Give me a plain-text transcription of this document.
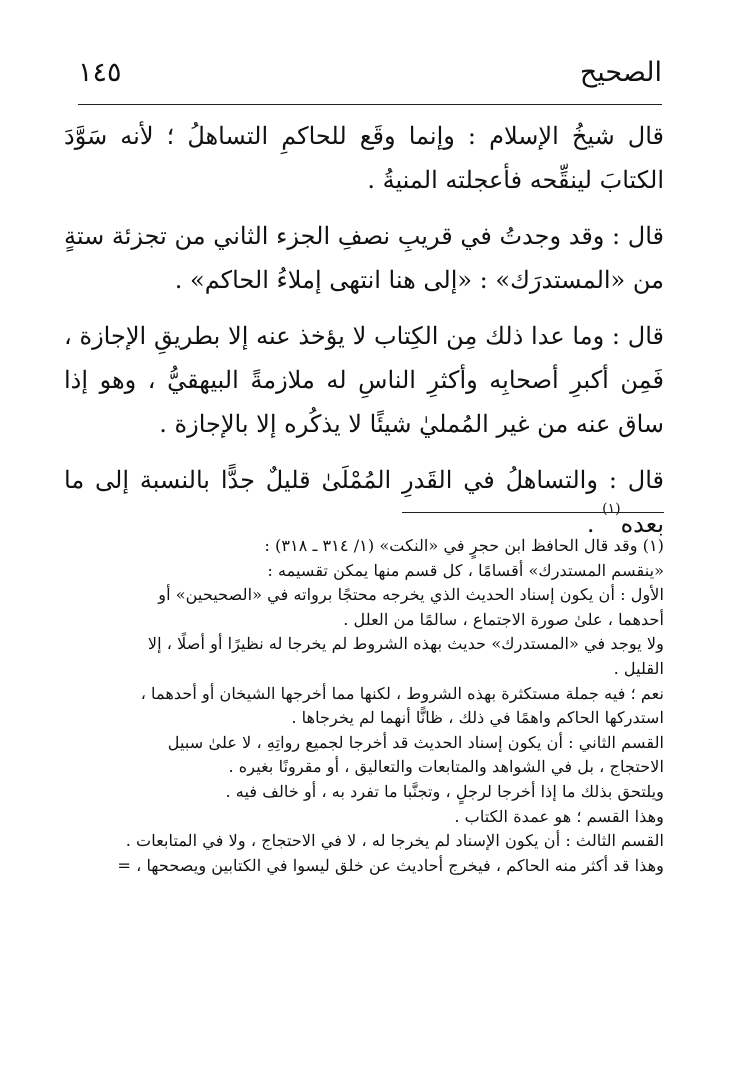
الصحيح
١٤٥

قال شيخُ الإسلام : وإنما وقَع للحاكمِ التساهلُ ؛ لأنه سَوَّدَ الكتابَ لينقِّحه فأعجلته المنيةُ .

قال : وقد وجدتُ في قريبِ نصفِ الجزء الثاني من تجزئة ستةٍ من «المستدرَك» : «إلى هنا انتهى إملاءُ الحاكم» .

قال : وما عدا ذلك مِن الكِتاب لا يؤخذ عنه إلا بطريقِ الإجازة ، فَمِن أكبرِ أصحابِه وأكثرِ الناسِ له ملازمةً البيهقيُّ ، وهو إذا ساق عنه من غير المُمليٰ شيئًا لا يذكُره إلا بالإجازة .

قال : والتساهلُ في القَدرِ المُمْلَىٰ قليلٌ جدًّا بالنسبة إلى ما بعده$^{(١)}$ .

(١) وقد قال الحافظ ابن حجرٍ في «النكت» (١/ ٣١٤ ـ ٣١٨) :

«ينقسم المستدرك» أقسامًا ، كل قسم منها يمكن تقسيمه :

الأول : أن يكون إسناد الحديث الذي يخرجه محتجًا برواته في «الصحيحين» أو

أحدهما ، علىٰ صورة الاجتماع ، سالمًا من العلل .

ولا يوجد في «المستدرك» حديث بهذه الشروط لم يخرجا له نظيرًا أو أصلًا ، إلا

القليل .

نعم ؛ فيه جملة مستكثرة بهذه الشروط ، لكنها مما أخرجها الشيخان أو أحدهما ،

استدركها الحاكم واهمًا في ذلك ، ظانًّا أنهما لم يخرجاها .

القسم الثاني : أن يكون إسناد الحديث قد أخرجا لجميع رواتِهِ ، لا علىٰ سبيل

الاحتجاج ، بل في الشواهد والمتابعات والتعاليق ، أو مقرونًا بغيره .

ويلتحق بذلك ما إذا أخرجا لرجلٍ ، وتجنَّبا ما تفرد به ، أو خالف فيه .

وهذا القسم ؛ هو عمدة الكتاب .

القسم الثالث : أن يكون الإسناد لم يخرجا له ، لا في الاحتجاج ، ولا في المتابعات .

وهذا قد أكثر منه الحاكم ، فيخرج أحاديث عن خلق ليسوا في الكتابين ويصححها ، =
